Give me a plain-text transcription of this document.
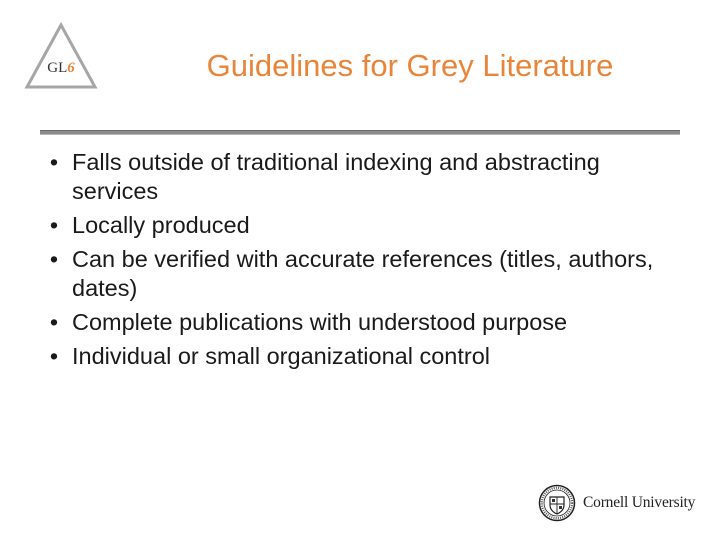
GL6	Guidelines for Grey Literature
• Falls outside of traditional indexing and abstracting services
• Locally produced
• Can be verified with accurate references (titles, authors, dates)
• Complete publications with understood purpose
• Individual or small organizational control
Cornell University
